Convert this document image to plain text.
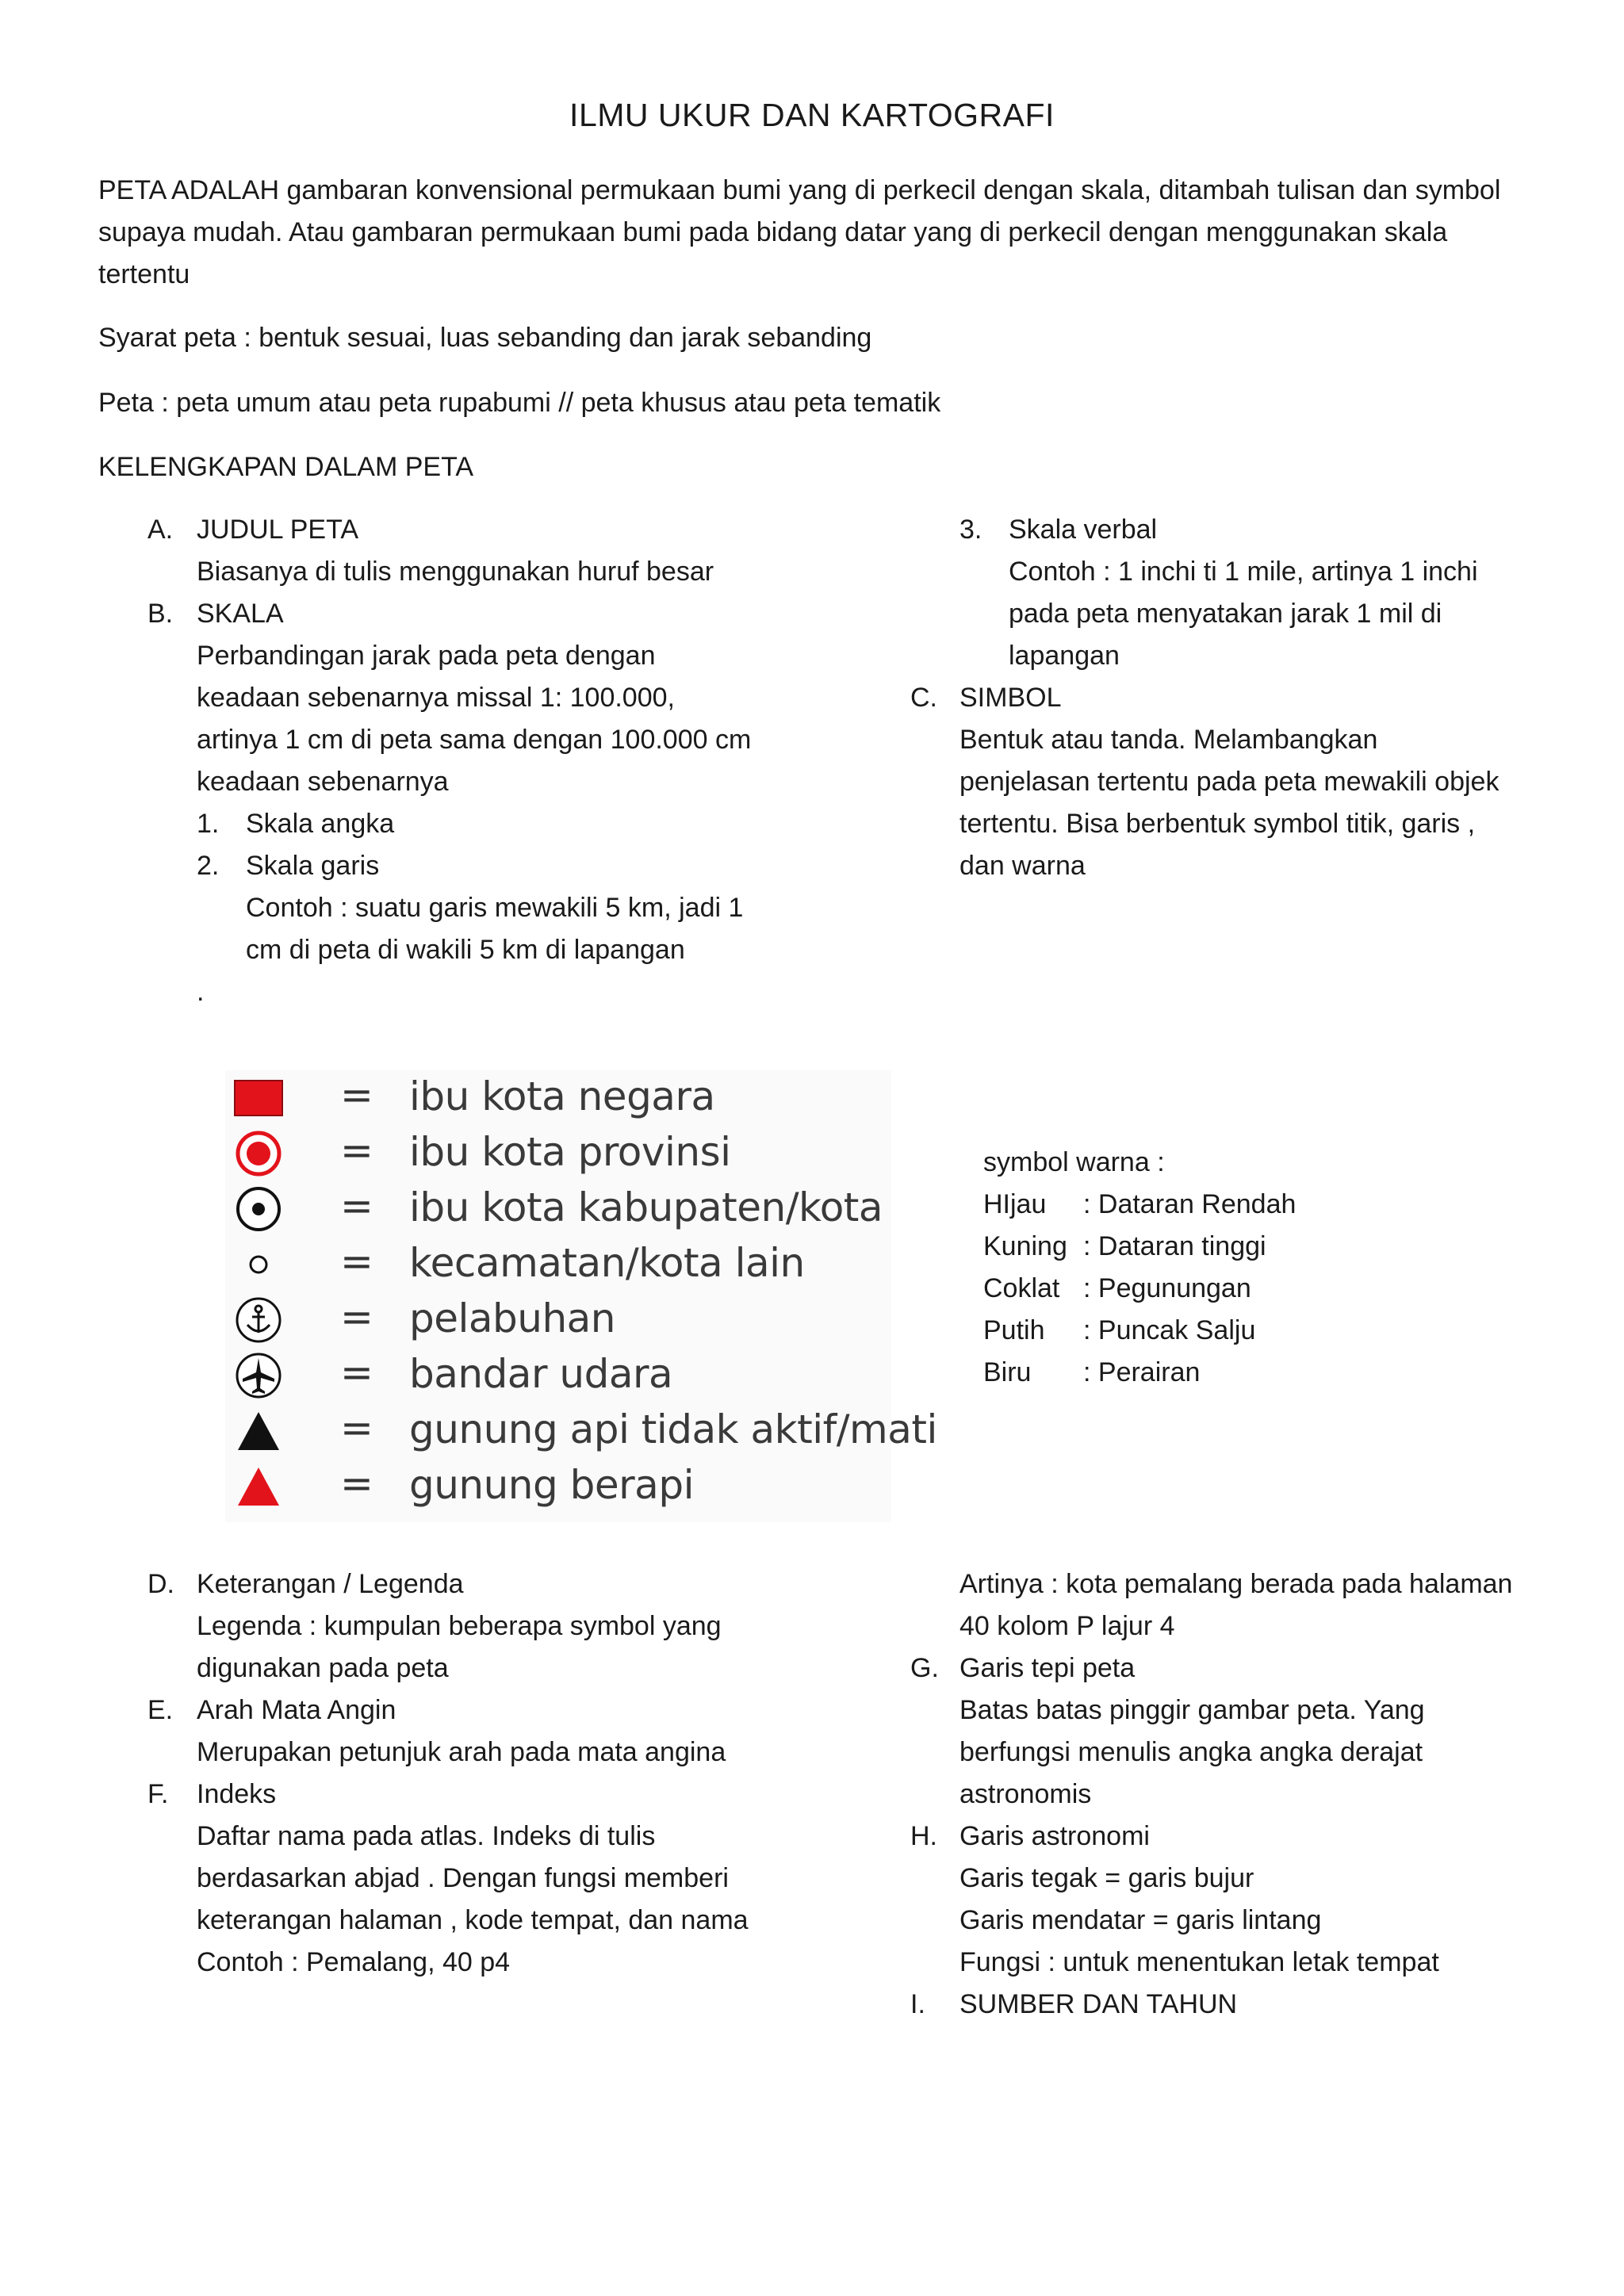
ILMU UKUR DAN KARTOGRAFI
PETA ADALAH gambaran konvensional permukaan bumi yang di perkecil dengan skala, ditambah tulisan dan symbol
supaya mudah. Atau gambaran permukaan bumi pada bidang datar yang di perkecil dengan menggunakan skala
tertentu
Syarat peta : bentuk sesuai, luas sebanding dan jarak sebanding
Peta : peta umum atau peta rupabumi // peta khusus atau peta tematik
KELENGKAPAN DALAM PETA
A. JUDUL PETA
Biasanya di tulis menggunakan huruf besar
B. SKALA
Perbandingan jarak pada peta dengan
keadaan sebenarnya missal 1: 100.000,
artinya 1 cm di peta sama dengan 100.000 cm
keadaan sebenarnya
1. Skala angka
2. Skala garis
Contoh : suatu garis mewakili 5 km, jadi 1
cm di peta di wakili 5 km di lapangan
.
3. Skala verbal
Contoh : 1 inchi ti 1 mile, artinya 1 inchi
pada peta menyatakan jarak 1 mil di
lapangan
C. SIMBOL
Bentuk atau tanda. Melambangkan
penjelasan tertentu pada peta mewakili objek
tertentu. Bisa berbentuk symbol titik, garis ,
dan warna
= ibu kota negara
= ibu kota provinsi
= ibu kota kabupaten/kota
= kecamatan/kota lain
= pelabuhan
= bandar udara
= gunung api tidak aktif/mati
= gunung berapi
symbol warna :
HIjau : Dataran Rendah
Kuning : Dataran tinggi
Coklat : Pegunungan
Putih : Puncak Salju
Biru : Perairan
D. Keterangan / Legenda
Legenda : kumpulan beberapa symbol yang
digunakan pada peta
E. Arah Mata Angin
Merupakan petunjuk arah pada mata angina
F.	Indeks
Daftar nama pada atlas. Indeks di tulis
berdasarkan abjad . Dengan fungsi memberi
keterangan halaman , kode tempat, dan nama
Contoh : Pemalang, 40 p4
Artinya : kota pemalang berada pada halaman
40 kolom P lajur 4
G. Garis tepi peta
Batas batas pinggir gambar peta. Yang
berfungsi menulis angka angka derajat
astronomis
H. Garis astronomi
Garis tegak = garis bujur
Garis mendatar = garis lintang
Fungsi : untuk menentukan letak tempat
I.	SUMBER DAN TAHUN
